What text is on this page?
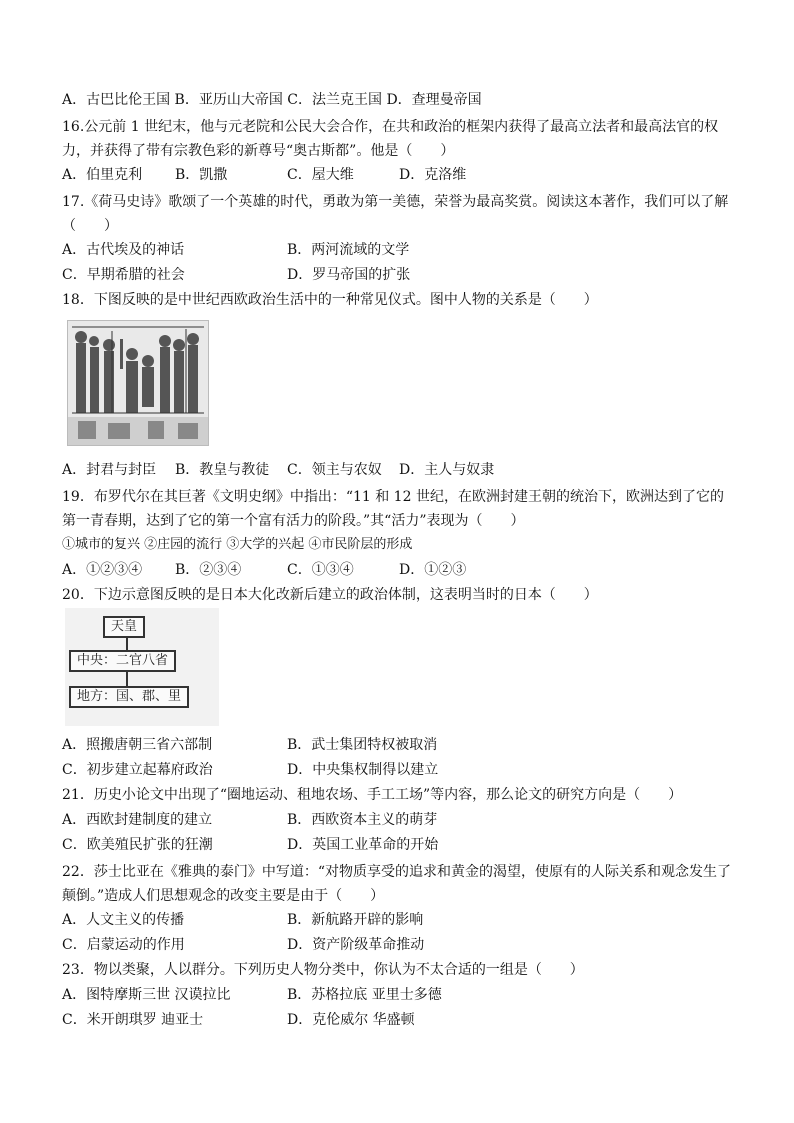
A．古巴比伦王国 B．亚历山大帝国 C．法兰克王国 D．查理曼帝国
16.公元前 1 世纪末，他与元老院和公民大会合作，在共和政治的框架内获得了最高立法者和最高法官的权力，并获得了带有宗教色彩的新尊号“奥古斯都”。他是（　　）
A．伯里克利 B．凯撒	C．屋大维	D．克洛维
17.《荷马史诗》歌颂了一个英雄的时代，勇敢为第一美德，荣誉为最高奖赏。阅读这本著作，我们可以了解（　　）
A．古代埃及的神话	B．两河流域的文学
C．早期希腊的社会	D．罗马帝国的扩张
18．下图反映的是中世纪西欧政治生活中的一种常见仪式。图中人物的关系是（　　）
A．封君与封臣 B．教皇与教徒 C．领主与农奴 D．主人与奴隶
19．布罗代尔在其巨著《文明史纲》中指出：“11 和 12 世纪，在欧洲封建王朝的统治下，欧洲达到了它的第一青春期，达到了它的第一个富有活力的阶段。”其“活力”表现为（　　）
①城市的复兴 ②庄园的流行 ③大学的兴起 ④市民阶层的形成
A．①②③④ B．②③④	C．①③④	D．①②③
20．下边示意图反映的是日本大化改新后建立的政治体制，这表明当时的日本（　　）
天皇
中央：二官八省
地方：国、郡、里
A．照搬唐朝三省六部制	B．武士集团特权被取消
C．初步建立起幕府政治	D．中央集权制得以建立
21．历史小论文中出现了“圈地运动、租地农场、手工工场”等内容，那么论文的研究方向是（　　）
A．西欧封建制度的建立	B．西欧资本主义的萌芽
C．欧美殖民扩张的狂潮	D．英国工业革命的开始
22．莎士比亚在《雅典的泰门》中写道：“对物质享受的追求和黄金的渴望，使原有的人际关系和观念发生了颠倒。”造成人们思想观念的改变主要是由于（　　）
A．人文主义的传播	B．新航路开辟的影响
C．启蒙运动的作用	D．资产阶级革命推动
23．物以类聚，人以群分。下列历史人物分类中，你认为不太合适的一组是（　　）
A．图特摩斯三世 汉谟拉比	B．苏格拉底 亚里士多德
C．米开朗琪罗 迪亚士	D．克伦威尔 华盛顿
